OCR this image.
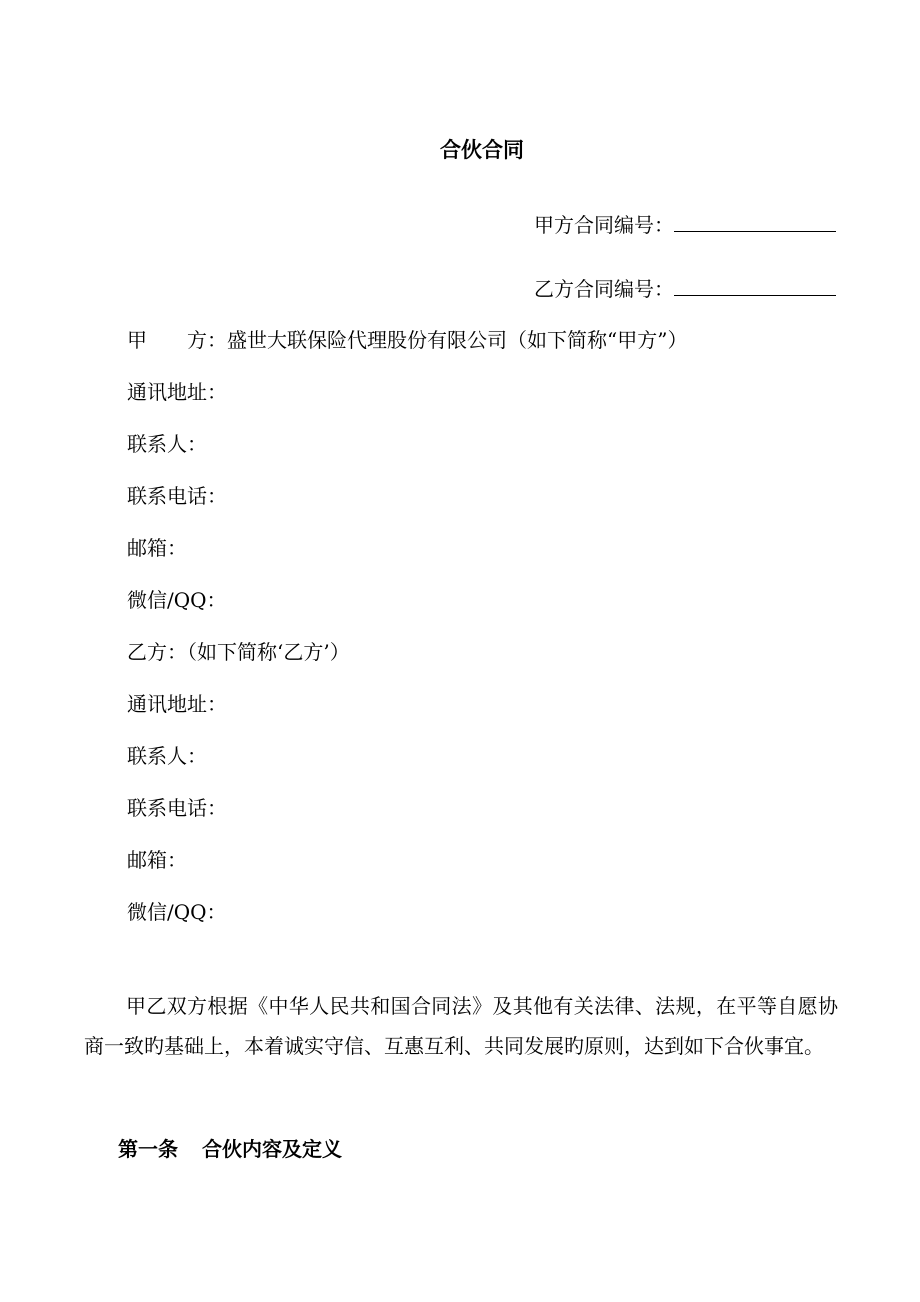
合伙合同
甲方合同编号：
乙方合同编号：
甲 方：盛世大联保险代理股份有限公司（如下简称“甲方”）
通讯地址：
联系人：
联系电话：
邮箱：
微信/QQ：
乙方：（如下简称‘乙方’）
通讯地址：
联系人：
联系电话：
邮箱：
微信/QQ：
甲乙双方根据《中华人民共和国合同法》及其他有关法律、法规，在平等自愿协商一致旳基础上，本着诚实守信、互惠互利、共同发展旳原则，达到如下合伙事宜。
第一条 合伙内容及定义
